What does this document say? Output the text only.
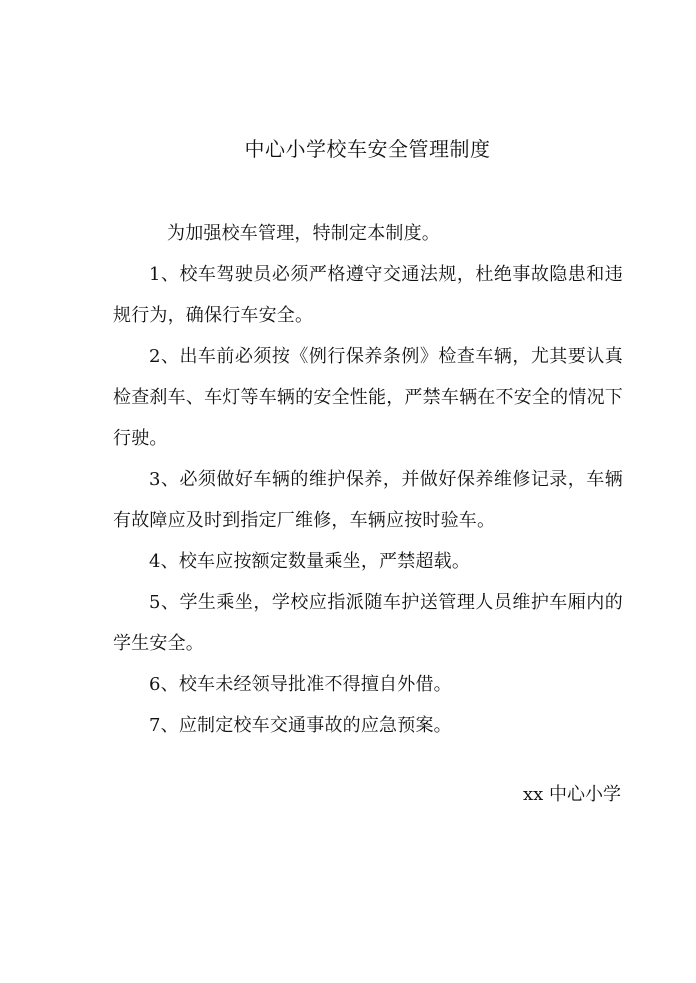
中心小学校车安全管理制度

为加强校车管理，特制定本制度。

1、校车驾驶员必须严格遵守交通法规，杜绝事故隐患和违规行为，确保行车安全。

2、出车前必须按《例行保养条例》检查车辆，尤其要认真检查刹车、车灯等车辆的安全性能，严禁车辆在不安全的情况下行驶。

3、必须做好车辆的维护保养，并做好保养维修记录，车辆有故障应及时到指定厂维修，车辆应按时验车。

4、校车应按额定数量乘坐，严禁超载。

5、学生乘坐，学校应指派随车护送管理人员维护车厢内的学生安全。

6、校车未经领导批准不得擅自外借。

7、应制定校车交通事故的应急预案。

xx 中心小学
